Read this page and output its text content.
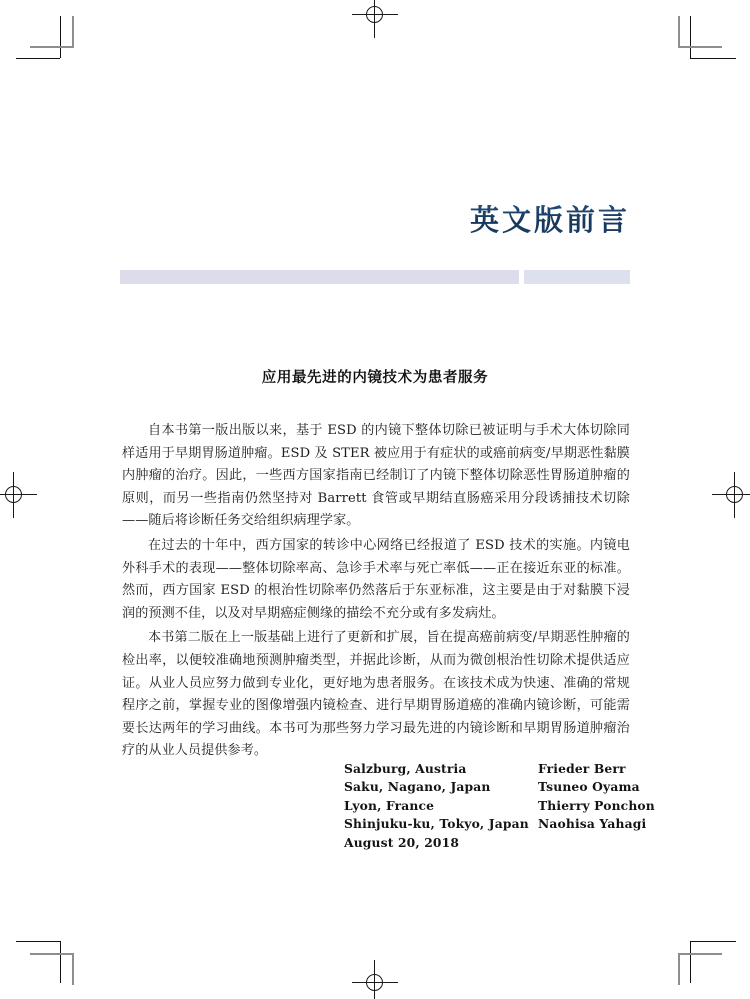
英文版前言
应用最先进的内镜技术为患者服务

自本书第一版出版以来，基于 ESD 的内镜下整体切除已被证明与手术大体切除同样适用于早期胃肠道肿瘤。ESD 及 STER 被应用于有症状的或癌前病变/早期恶性黏膜内肿瘤的治疗。因此，一些西方国家指南已经制订了内镜下整体切除恶性胃肠道肿瘤的原则，而另一些指南仍然坚持对 Barrett 食管或早期结直肠癌采用分段诱捕技术切除——随后将诊断任务交给组织病理学家。

在过去的十年中，西方国家的转诊中心网络已经报道了 ESD 技术的实施。内镜电外科手术的表现——整体切除率高、急诊手术率与死亡率低——正在接近东亚的标准。然而，西方国家 ESD 的根治性切除率仍然落后于东亚标准，这主要是由于对黏膜下浸润的预测不佳，以及对早期癌症侧缘的描绘不充分或有多发病灶。

本书第二版在上一版基础上进行了更新和扩展，旨在提高癌前病变/早期恶性肿瘤的检出率，以便较准确地预测肿瘤类型，并据此诊断，从而为微创根治性切除术提供适应证。从业人员应努力做到专业化，更好地为患者服务。在该技术成为快速、准确的常规程序之前，掌握专业的图像增强内镜检查、进行早期胃肠道癌的准确内镜诊断，可能需要长达两年的学习曲线。本书可为那些努力学习最先进的内镜诊断和早期胃肠道肿瘤治疗的从业人员提供参考。

Salzburg, Austria
Saku, Nagano, Japan
Lyon, France
Shinjuku-ku, Tokyo, Japan
August 20, 2018
Frieder Berr
Tsuneo Oyama
Thierry Ponchon
Naohisa Yahagi
